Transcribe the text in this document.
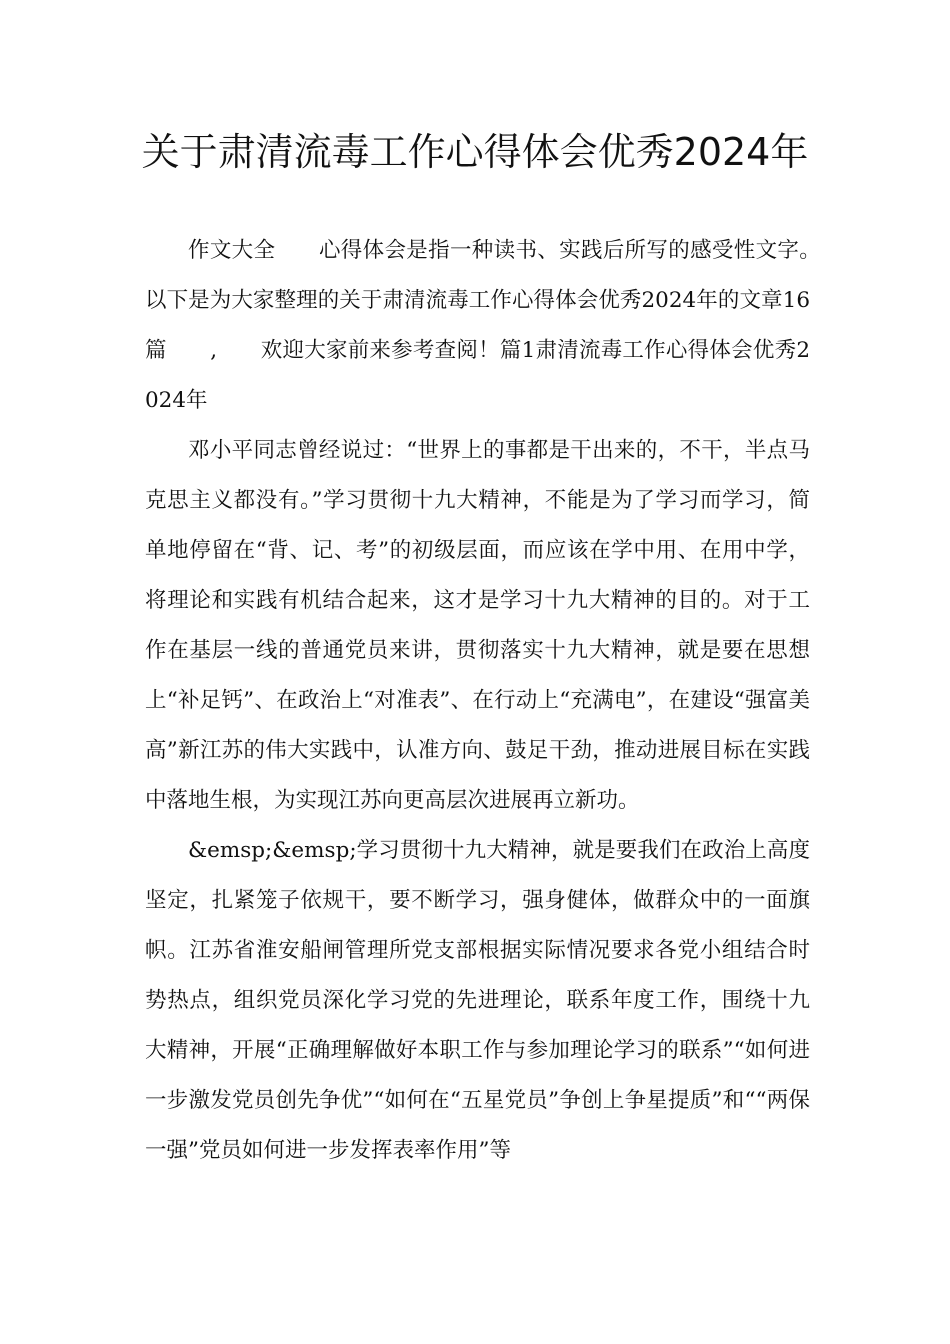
关于肃清流毒工作心得体会优秀2024年

作文大全　　心得体会是指一种读书、实践后所写的感受性文字。　　以下是为大家整理的关于肃清流毒工作心得体会优秀2024年的文章16篇　　,　　欢迎大家前来参考查阅！篇1肃清流毒工作心得体会优秀2024年

邓小平同志曾经说过：“世界上的事都是干出来的，不干，半点马克思主义都没有。”学习贯彻十九大精神，不能是为了学习而学习，简单地停留在“背、记、考”的初级层面，而应该在学中用、在用中学，将理论和实践有机结合起来，这才是学习十九大精神的目的。对于工作在基层一线的普通党员来讲，贯彻落实十九大精神，就是要在思想上“补足钙”、在政治上“对准表”、在行动上“充满电”，在建设“强富美高”新江苏的伟大实践中，认准方向、鼓足干劲，推动进展目标在实践中落地生根，为实现江苏向更高层次进展再立新功。

&emsp;&emsp;学习贯彻十九大精神，就是要我们在政治上高度坚定，扎紧笼子依规干，要不断学习，强身健体，做群众中的一面旗帜。江苏省淮安船闸管理所党支部根据实际情况要求各党小组结合时势热点，组织党员深化学习党的先进理论，联系年度工作，围绕十九大精神，开展“正确理解做好本职工作与参加理论学习的联系”“如何进一步激发党员创先争优”“如何在“五星党员”争创上争星提质”和““两保一强”党员如何进一步发挥表率作用”等
